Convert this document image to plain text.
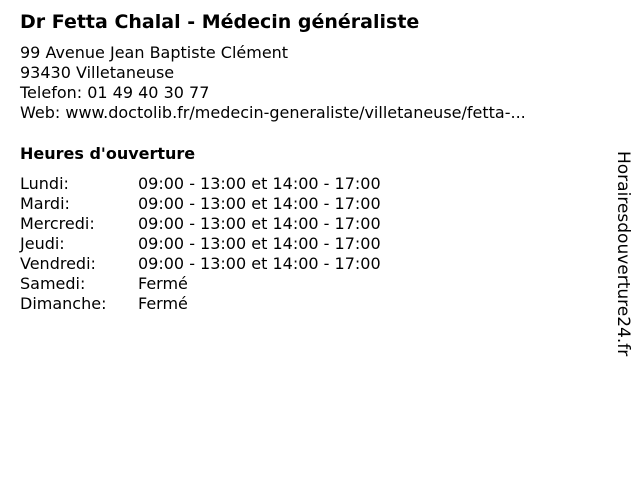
Dr Fetta Chalal - Médecin généraliste
99 Avenue Jean Baptiste Clément
93430 Villetaneuse
Telefon: 01 49 40 30 77
Web: www.doctolib.fr/medecin-generaliste/villetaneuse/fetta-...
Heures d'ouverture
Lundi:	09:00 - 13:00 et 14:00 - 17:00
Mardi:	09:00 - 13:00 et 14:00 - 17:00
Mercredi:	09:00 - 13:00 et 14:00 - 17:00
Jeudi:	09:00 - 13:00 et 14:00 - 17:00
Vendredi:	09:00 - 13:00 et 14:00 - 17:00
Samedi:	Fermé
Dimanche:	Fermé	Horairesdouverture24.fr
